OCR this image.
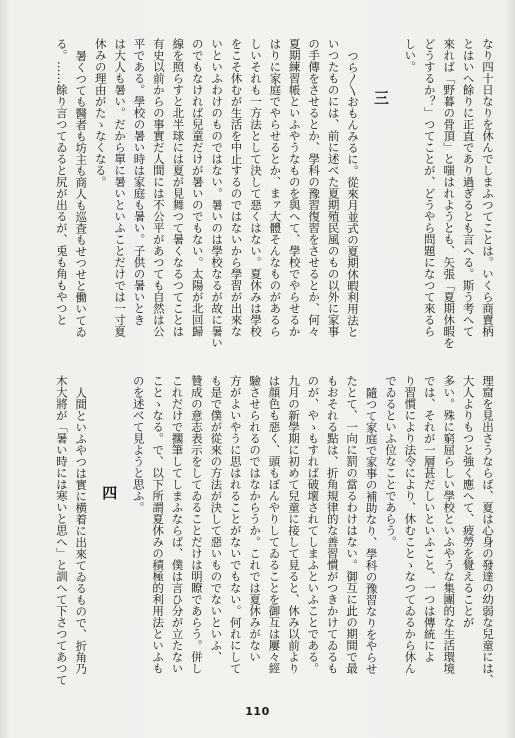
なり四十日なりを休んでしまふつてことは。いくら商賣柄
とはいへ餘りに正直であり過ぎるとも言へる。斯う考へて
來れば「野暮の骨頂」と嗤はれようとも、矢張「夏期休暇を
どうするか？」つてことが、どうやら問題になつて來るら
しい。
三
つら〱おもんみるに。從來月並式の夏期休暇利用法と
いつたものには、前に述べた夏期殖民風のもの以外に家事
の手傳をさせるとか、學科の豫習復習をさせるとか、何々
夏期練習帳といふやうなものを與へて、學校でやらせるか
はりに家庭でやらせるとか、まァ大體そんなものがあるら
しいそれも一方法として決して惡くはない。夏休みは學校
をこそ休むが生活を中止するのではないから學習が出來な
いといふわけのものではない。暑いのは學校なるが故に暑い
のでもなければ兒童だけが暑いのでもない。太陽が北回歸
線を照らすと北半球には夏が見舞つて暑くなるつてことは
有史以前からの事實だ人間には不公平があつても自然は公
平である。學校の暑い時は家庭も暑い。子供の暑いとき
は大人も暑い。だから單に暑いといふことだけでは一寸夏
休みの理由がたゝなくなる。
暑くつても醫者も坊主も商人も巡査もせつせと働いてゐ
る。……餘り言つてゐると尻が出るが、兎も角もやつと
理窟を見出さうならば、夏は心身の發達の幼弱な兒童には、
大人よりもつと強く應へて、疲勞を覺えることが
多い。殊に窮屈らしい學校といふやうな集團的な生活環境
では、それが一層甚だしいといふこと、一つは傳統によ
り習慣により法令により、休むことゝなつてゐるから休ん
でゐるといふ位なことであらう。
隨つて家庭で家事の補助なり、學科の豫習なりをやらせ
たとて、一向に罰の當るわけはない。御互に此の期間で最
もおそれる點は、折角規律的な善習慣がつきかけてゐるも
のが、やゝもすれば破壞されてしまふといふことである。
九月の新學期に初めて兒童に接して見ると、休み以前より
は顔色も惡く、頭もぼんやりしてゐることを御互は屢々經
驗させられるのではなからうか。これでは夏休みがない
方がよいやうに思はれることがないでもない。何れにして
も是で僕が從來の方法が決して惡いものでないといふ、
贊成の意志表示をしてゐることだけは明瞭であらう。併し
これだけで擱筆してしまふならば、僕は言ひ分が立たない
ことゝなる。で、以下所謂夏休みの積極的利用法といふも
のを述べて見ようと思ふ。
四
人間といふやつは實に横着に出來てゐるもので、折角乃
木大將が「暑い時には寒いと思へ」と訓へて下さつてあつて
110
